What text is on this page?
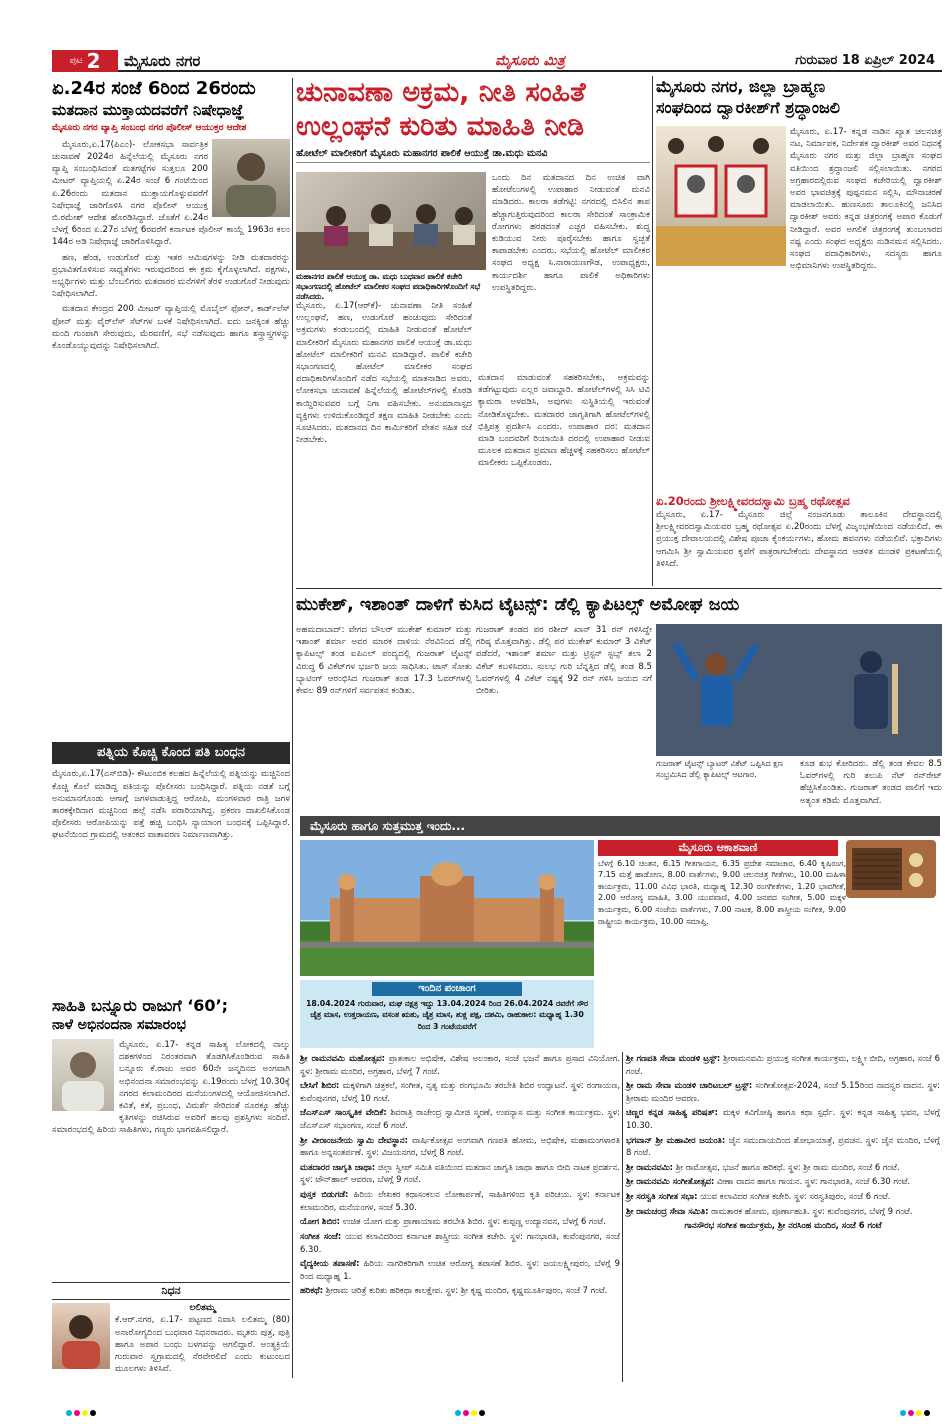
ಪುಟ 2 ಮೈಸೂರು ನಗರ	ಮೈಸೂರು ಮಿತ್ರ	ಗುರುವಾರ 18 ಏಪ್ರಿಲ್ 2024
ಏ.24ರ ಸಂಜೆ 6ರಿಂದ 26ರಂದು
ಮತದಾನ ಮುಕ್ತಾಯದವರೆಗೆ ನಿಷೇಧಾಜ್ಞೆ
ಮೈಸೂರು ನಗರ ವ್ಯಾಪ್ತಿ ಸಂಬಂಧ ನಗರ ಪೊಲೀಸ್ ಆಯುಕ್ತರ ಆದೇಶ

ಮೈಸೂರು,ಏ.17(ಪಿಎಂ)- ಲೋಕಸಭಾ ಸಾರ್ವತ್ರಿಕ ಚುನಾವಣೆ 2024ರ ಹಿನ್ನೆಲೆಯಲ್ಲಿ ಮೈಸೂರು ನಗರ ವ್ಯಾಪ್ತಿ ಸಂಬಂಧಿಸಿದಂತೆ ಮತಗಟ್ಟೆಗಳ ಸುತ್ತಲೂ 200 ಮೀಟರ್ ವ್ಯಾಪ್ತಿಯಲ್ಲಿ ಏ.24ರ ಸಂಜೆ 6 ಗಂಟೆಯಿಂದ ಏ.26ರಂದು ಮತದಾನ ಮುಕ್ತಾಯಗೊಳ್ಳುವವರೆಗೆ ನಿಷೇಧಾಜ್ಞೆ ಜಾರಿಗೊಳಿಸಿ ನಗರ ಪೊಲೀಸ್ ಆಯುಕ್ತ ಬಿ.ರಮೇಶ್ ಆದೇಶ ಹೊರಡಿಸಿದ್ದಾರೆ. ಜೊತೆಗೆ ಏ.24ರ ಬೆಳಗ್ಗೆ 6ರಿಂದ ಏ.27ರ ಬೆಳಗ್ಗೆ 6ರವರೆಗೆ ಕರ್ನಾಟಕ ಪೊಲೀಸ್ ಕಾಯ್ದೆ 1963ರ ಕಲಂ 144ರ ಅಡಿ ನಿಷೇಧಾಜ್ಞೆ ಜಾರಿಗೊಳಿಸಿದ್ದಾರೆ.

ಹಣ, ಹೆಂಡ, ಉಡುಗೊರೆ ಮತ್ತು ಇತರ ಆಮಿಷಗಳನ್ನು ನೀಡಿ ಮತದಾರರನ್ನು ಪ್ರಭಾವಿತಗೊಳಿಸುವ ಸಾಧ್ಯತೆಗಳು ಇರುವುದರಿಂದ ಈ ಕ್ರಮ ಕೈಗೊಳ್ಳಲಾಗಿದೆ. ಪಕ್ಷಗಳು, ಅಭ್ಯರ್ಥಿಗಳು ಮತ್ತು ಬೆಂಬಲಿಗರು ಮತದಾರರ ಮನೆಗಳಿಗೆ ತೆರಳಿ ಉಡುಗೊರೆ ನೀಡುವುದು ನಿಷೇಧಿಸಲಾಗಿದೆ.

ಮತದಾನ ಕೇಂದ್ರದ 200 ಮೀಟರ್ ವ್ಯಾಪ್ತಿಯಲ್ಲಿ ಮೊಬೈಲ್ ಫೋನ್, ಕಾರ್ಡ್‌ಲೆಸ್ ಫೋನ್ ಮತ್ತು ವೈರ್‌ಲೆಸ್ ಸೆಟ್‌ಗಳ ಬಳಕೆ ನಿಷೇಧಿಸಲಾಗಿದೆ. ಐದು ಜನಕ್ಕಿಂತ ಹೆಚ್ಚು ಮಂದಿ ಗುಂಪಾಗಿ ಸೇರುವುದು, ಮೆರವಣಿಗೆ, ಸಭೆ ನಡೆಸುವುದು ಹಾಗೂ ಶಸ್ತ್ರಾಸ್ತ್ರಗಳನ್ನು ಕೊಂಡೊಯ್ಯುವುದನ್ನು ನಿಷೇಧಿಸಲಾಗಿದೆ.

ಪತ್ನಿಯ ಕೊಚ್ಚಿ ಕೊಂದ ಪತಿ ಬಂಧನ
ಮೈಸೂರು,ಏ.17(ಎಸ್‌ಬಿಡಿ)- ಕೌಟುಂಬಿಕ ಕಲಹದ ಹಿನ್ನೆಲೆಯಲ್ಲಿ ಪತ್ನಿಯನ್ನು ಮಚ್ಚಿನಿಂದ ಕೊಚ್ಚಿ ಕೊಲೆ ಮಾಡಿದ್ದ ಪತಿಯನ್ನು ಪೊಲೀಸರು ಬಂಧಿಸಿದ್ದಾರೆ. ಪತ್ನಿಯ ನಡತೆ ಬಗ್ಗೆ ಅನುಮಾನಗೊಂಡು ಆಗಾಗ್ಗೆ ಜಗಳವಾಡುತ್ತಿದ್ದ ಆರೋಪಿ, ಮಂಗಳವಾರ ರಾತ್ರಿ ಜಗಳ ತಾರಕಕ್ಕೇರಿದಾಗ ಮಚ್ಚಿನಿಂದ ಹಲ್ಲೆ ನಡೆಸಿ ಪರಾರಿಯಾಗಿದ್ದ. ಪ್ರಕರಣ ದಾಖಲಿಸಿಕೊಂಡ ಪೊಲೀಸರು ಆರೋಪಿಯನ್ನು ಪತ್ತೆ ಹಚ್ಚಿ ಬಂಧಿಸಿ ನ್ಯಾಯಾಂಗ ಬಂಧನಕ್ಕೆ ಒಪ್ಪಿಸಿದ್ದಾರೆ. ಘಟನೆಯಿಂದ ಗ್ರಾಮದಲ್ಲಿ ಆತಂಕದ ವಾತಾವರಣ ನಿರ್ಮಾಣವಾಗಿತ್ತು.
ಸಾಹಿತಿ ಬನ್ನೂರು ರಾಜುಗೆ ‘60’;
ನಾಳೆ ಅಭಿನಂದನಾ ಸಮಾರಂಭ
ಮೈಸೂರು, ಏ.17- ಕನ್ನಡ ಸಾಹಿತ್ಯ ಲೋಕದಲ್ಲಿ ನಾಲ್ಕು ದಶಕಗಳಿಂದ ನಿರಂತರವಾಗಿ ತೊಡಗಿಸಿಕೊಂಡಿರುವ ಸಾಹಿತಿ ಬನ್ನೂರು ಕೆ.ರಾಜು ಅವರ 60ನೇ ಜನ್ಮದಿನದ ಅಂಗವಾಗಿ ಅಭಿನಂದನಾ ಸಮಾರಂಭವನ್ನು ಏ.19ರಂದು ಬೆಳಗ್ಗೆ 10.30ಕ್ಕೆ ನಗರದ ಕಲಾಮಂದಿರದ ಮನೆಯಂಗಳದಲ್ಲಿ ಆಯೋಜಿಸಲಾಗಿದೆ. ಕವಿತೆ, ಕತೆ, ಪ್ರಬಂಧ, ವಿಮರ್ಶೆ ಸೇರಿದಂತೆ ನೂರಕ್ಕೂ ಹೆಚ್ಚು ಕೃತಿಗಳನ್ನು ರಚಿಸಿರುವ ಅವರಿಗೆ ಹಲವು ಪ್ರಶಸ್ತಿಗಳು ಸಂದಿವೆ. ಸಮಾರಂಭದಲ್ಲಿ ಹಿರಿಯ ಸಾಹಿತಿಗಳು, ಗಣ್ಯರು ಭಾಗವಹಿಸಲಿದ್ದಾರೆ.
ನಿಧನ
ಲಲಿತಮ್ಮ
ಕೆ.ಆರ್.ನಗರ, ಏ.17- ಪಟ್ಟಣದ ನಿವಾಸಿ ಲಲಿತಮ್ಮ (80) ಅನಾರೋಗ್ಯದಿಂದ ಬುಧವಾರ ನಿಧನರಾದರು. ಮೃತರು ಪುತ್ರ, ಪುತ್ರಿ ಹಾಗೂ ಅಪಾರ ಬಂಧು ಬಳಗವನ್ನು ಅಗಲಿದ್ದಾರೆ. ಅಂತ್ಯಕ್ರಿಯೆ ಗುರುವಾರ ಸ್ವಗ್ರಾಮದಲ್ಲಿ ನೆರವೇರಲಿದೆ ಎಂದು ಕುಟುಂಬದ ಮೂಲಗಳು ತಿಳಿಸಿವೆ.
ಚುನಾವಣಾ ಅಕ್ರಮ, ನೀತಿ ಸಂಹಿತೆ
ಉಲ್ಲಂಘನೆ ಕುರಿತು ಮಾಹಿತಿ ನೀಡಿ
ಹೋಟೆಲ್ ಮಾಲೀಕರಿಗೆ ಮೈಸೂರು ಮಹಾನಗರ ಪಾಲಿಕೆ ಆಯುಕ್ತೆ ಡಾ.ಮಧು ಮನವಿ
ಒಂದು ದಿನ ಮತದಾನದ ದಿನ ಉಚಿತ ವಾಗಿ ಹೋಟೆಲುಗಳಲ್ಲಿ ಉಪಾಹಾರ ನೀಡುವಂತೆ ಮನವಿ ಮಾಡಿದರು. ಕಾಲರಾ ತಡೆಗಟ್ಟಿ: ನಗರದಲ್ಲಿ ಬಿಸಿಲಿನ ತಾಪ ಹೆಚ್ಚಾಗುತ್ತಿರುವುದರಿಂದ ಕಾಲರಾ ಸೇರಿದಂತೆ ಸಾಂಕ್ರಾಮಿಕ ರೋಗಗಳು ಹರಡದಂತೆ ಎಚ್ಚರ ವಹಿಸಬೇಕು. ಶುದ್ಧ ಕುಡಿಯುವ ನೀರು ಪೂರೈಸಬೇಕು ಹಾಗೂ ಸ್ವಚ್ಛತೆ ಕಾಪಾಡಬೇಕು ಎಂದರು. ಸಭೆಯಲ್ಲಿ ಹೋಟೆಲ್ ಮಾಲೀಕರ ಸಂಘದ ಅಧ್ಯಕ್ಷ ಸಿ.ನಾರಾಯಣಗೌಡ, ಉಪಾಧ್ಯಕ್ಷರು, ಕಾರ್ಯದರ್ಶಿ ಹಾಗೂ ಪಾಲಿಕೆ ಅಧಿಕಾರಿಗಳು ಉಪಸ್ಥಿತರಿದ್ದರು.
ಮಹಾನಗರ ಪಾಲಿಕೆ ಆಯುಕ್ತ ಡಾ. ಮಧು ಬುಧವಾರ ಪಾಲಿಕೆ ಕಚೇರಿ ಸಭಾಂಗಣದಲ್ಲಿ ಹೋಟೆಲ್ ಮಾಲೀಕರ ಸಂಘದ ಪದಾಧಿಕಾರಿಗಳೊಂದಿಗೆ ಸಭೆ ನಡೆಸಿದರು.
ಮೈಸೂರು, ಏ.17(ಆರ್‌ಕೆ)- ಚುನಾವಣಾ ನೀತಿ ಸಂಹಿತೆ ಉಲ್ಲಂಘನೆ, ಹಣ, ಉಡುಗೊರೆ ಹಂಚುವುದು ಸೇರಿದಂತೆ ಅಕ್ರಮಗಳು ಕಂಡುಬಂದಲ್ಲಿ ಮಾಹಿತಿ ನೀಡುವಂತೆ ಹೋಟೆಲ್ ಮಾಲೀಕರಿಗೆ ಮೈಸೂರು ಮಹಾನಗರ ಪಾಲಿಕೆ ಆಯುಕ್ತೆ ಡಾ.ಮಧು ಹೋಟೆಲ್ ಮಾಲೀಕರಿಗೆ ಮನವಿ ಮಾಡಿದ್ದಾರೆ. ಪಾಲಿಕೆ ಕಚೇರಿ ಸಭಾಂಗಣದಲ್ಲಿ ಹೋಟೆಲ್ ಮಾಲೀಕರ ಸಂಘದ ಪದಾಧಿಕಾರಿಗಳೊಂದಿಗೆ ನಡೆದ ಸಭೆಯಲ್ಲಿ ಮಾತನಾಡಿದ ಅವರು, ಲೋಕಸಭಾ ಚುನಾವಣೆ ಹಿನ್ನೆಲೆಯಲ್ಲಿ ಹೋಟೆಲ್‌ಗಳಲ್ಲಿ ಕೊಠಡಿ ಕಾಯ್ದಿರಿಸುವವರ ಬಗ್ಗೆ ನಿಗಾ ವಹಿಸಬೇಕು. ಅನುಮಾನಾಸ್ಪದ ವ್ಯಕ್ತಿಗಳು ಉಳಿದುಕೊಂಡಿದ್ದರೆ ತಕ್ಷಣ ಮಾಹಿತಿ ನೀಡಬೇಕು ಎಂದು ಸೂಚಿಸಿದರು. ಮತದಾನದ ದಿನ ಕಾರ್ಮಿಕರಿಗೆ ವೇತನ ಸಹಿತ ರಜೆ ನೀಡಬೇಕು.
ಮತದಾನ ಮಾಡುವಂತೆ ಸಹಕರಿಸಬೇಕು, ಅಕ್ರಮವನ್ನು ತಡೆಗಟ್ಟುವುದು ಎಲ್ಲರ ಜವಾಬ್ದಾರಿ. ಹೋಟೆಲ್‌ಗಳಲ್ಲಿ ಸಿಸಿ ಟಿವಿ ಕ್ಯಾಮರಾ ಅಳವಡಿಸಿ, ಅವುಗಳು ಸುಸ್ಥಿತಿಯಲ್ಲಿ ಇರುವಂತೆ ನೋಡಿಕೊಳ್ಳಬೇಕು. ಮತದಾರರ ಜಾಗೃತಿಗಾಗಿ ಹೋಟೆಲ್‌ಗಳಲ್ಲಿ ಭಿತ್ತಿಪತ್ರ ಪ್ರದರ್ಶಿಸಿ ಎಂದರು. ಉಪಾಹಾರ ದರ: ಮತದಾನ ಮಾಡಿ ಬಂದವರಿಗೆ ರಿಯಾಯಿತಿ ದರದಲ್ಲಿ ಉಪಾಹಾರ ನೀಡುವ ಮೂಲಕ ಮತದಾನ ಪ್ರಮಾಣ ಹೆಚ್ಚಳಕ್ಕೆ ಸಹಕರಿಸಲು ಹೋಟೆಲ್ ಮಾಲೀಕರು ಒಪ್ಪಿಕೊಂಡರು.
ಮೈಸೂರು ನಗರ, ಜಿಲ್ಲಾ ಬ್ರಾಹ್ಮಣ
ಸಂಘದಿಂದ ದ್ವಾರಕೀಶ್‌ಗೆ ಶ್ರದ್ಧಾಂಜಲಿ
ಮೈಸೂರು, ಏ.17- ಕನ್ನಡ ನಾಡಿನ ಖ್ಯಾತ ಚಲನಚಿತ್ರ ನಟ, ನಿರ್ಮಾಪಕ, ನಿರ್ದೇಶಕ ದ್ವಾರಕೀಶ್ ಅವರ ನಿಧನಕ್ಕೆ ಮೈಸೂರು ನಗರ ಮತ್ತು ಜಿಲ್ಲಾ ಬ್ರಾಹ್ಮಣ ಸಂಘದ ವತಿಯಿಂದ ಶ್ರದ್ಧಾಂಜಲಿ ಸಲ್ಲಿಸಲಾಯಿತು. ನಗರದ ಅಗ್ರಹಾರದಲ್ಲಿರುವ ಸಂಘದ ಕಚೇರಿಯಲ್ಲಿ ದ್ವಾರಕೀಶ್ ಅವರ ಭಾವಚಿತ್ರಕ್ಕೆ ಪುಷ್ಪನಮನ ಸಲ್ಲಿಸಿ, ಮೌನಾಚರಣೆ ಮಾಡಲಾಯಿತು. ಹುಣಸೂರು ತಾಲೂಕಿನಲ್ಲಿ ಜನಿಸಿದ ದ್ವಾರಕೀಶ್ ಅವರು ಕನ್ನಡ ಚಿತ್ರರಂಗಕ್ಕೆ ಅಪಾರ ಕೊಡುಗೆ ನೀಡಿದ್ದಾರೆ. ಅವರ ಅಗಲಿಕೆ ಚಿತ್ರರಂಗಕ್ಕೆ ತುಂಬಲಾರದ ನಷ್ಟ ಎಂದು ಸಂಘದ ಅಧ್ಯಕ್ಷರು ನುಡಿನಮನ ಸಲ್ಲಿಸಿದರು. ಸಂಘದ ಪದಾಧಿಕಾರಿಗಳು, ಸದಸ್ಯರು ಹಾಗೂ ಅಭಿಮಾನಿಗಳು ಉಪಸ್ಥಿತರಿದ್ದರು.
ಏ.20ರಂದು ಶ್ರೀಲಕ್ಷ್ಮೀವರದಸ್ವಾಮಿ ಬ್ರಹ್ಮ ರಥೋತ್ಸವ
ಮೈಸೂರು, ಏ.17- ಮೈಸೂರು ಜಿಲ್ಲೆ ನಂಜನಗೂಡು ತಾಲೂಕಿನ ದೇವಸ್ಥಾನದಲ್ಲಿ ಶ್ರೀಲಕ್ಷ್ಮೀವರದಸ್ವಾಮಿಯವರ ಬ್ರಹ್ಮ ರಥೋತ್ಸವ ಏ.20ರಂದು ಬೆಳಗ್ಗೆ ವಿಜೃಂಭಣೆಯಿಂದ ನಡೆಯಲಿದೆ. ಈ ಪ್ರಯುಕ್ತ ದೇವಾಲಯದಲ್ಲಿ ವಿಶೇಷ ಪೂಜಾ ಕೈಂಕರ್ಯಗಳು, ಹೋಮ ಹವನಗಳು ನಡೆಯಲಿವೆ. ಭಕ್ತಾದಿಗಳು ಆಗಮಿಸಿ ಶ್ರೀ ಸ್ವಾಮಿಯವರ ಕೃಪೆಗೆ ಪಾತ್ರರಾಗಬೇಕೆಂದು ದೇವಸ್ಥಾನದ ಆಡಳಿತ ಮಂಡಳಿ ಪ್ರಕಟಣೆಯಲ್ಲಿ ತಿಳಿಸಿದೆ.
ಮುಕೇಶ್, ಇಶಾಂತ್ ದಾಳಿಗೆ ಕುಸಿದ ಟೈಟನ್ಸ್: ಡೆಲ್ಲಿ ಕ್ಯಾಪಿಟಲ್ಸ್ ಅಮೋಘ ಜಯ
ಅಹಮದಾಬಾದ್: ವೇಗದ ಬೌಲರ್ ಮುಕೇಶ್ ಕುಮಾರ್ ಮತ್ತು ಇಶಾಂತ್ ಶರ್ಮಾ ಅವರ ಮಾರಕ ದಾಳಿಯ ನೆರವಿನಿಂದ ಡೆಲ್ಲಿ ಕ್ಯಾಪಿಟಲ್ಸ್ ತಂಡ ಐಪಿಎಲ್ ಪಂದ್ಯದಲ್ಲಿ ಗುಜರಾತ್ ಟೈಟನ್ಸ್ ವಿರುದ್ಧ 6 ವಿಕೆಟ್‌ಗಳ ಭರ್ಜರಿ ಜಯ ಸಾಧಿಸಿತು. ಟಾಸ್ ಸೋತು ಬ್ಯಾಟಿಂಗ್ ಆರಂಭಿಸಿದ ಗುಜರಾತ್ ತಂಡ 17.3 ಓವರ್‌ಗಳಲ್ಲಿ ಕೇವಲ 89 ರನ್‌ಗಳಿಗೆ ಸರ್ವಪತನ ಕಂಡಿತು.
ಗುಜರಾತ್ ತಂಡದ ಪರ ರಶೀದ್ ಖಾನ್ 31 ರನ್ ಗಳಿಸಿದ್ದೇ ಗರಿಷ್ಠ ಮೊತ್ತವಾಗಿತ್ತು. ಡೆಲ್ಲಿ ಪರ ಮುಕೇಶ್ ಕುಮಾರ್ 3 ವಿಕೆಟ್ ಪಡೆದರೆ, ಇಶಾಂತ್ ಶರ್ಮಾ ಮತ್ತು ಟ್ರಿಸ್ಟನ್ ಸ್ಟಬ್ಸ್ ತಲಾ 2 ವಿಕೆಟ್ ಕಬಳಿಸಿದರು. ಸುಲಭ ಗುರಿ ಬೆನ್ನತ್ತಿದ ಡೆಲ್ಲಿ ತಂಡ 8.5 ಓವರ್‌ಗಳಲ್ಲಿ 4 ವಿಕೆಟ್ ನಷ್ಟಕ್ಕೆ 92 ರನ್ ಗಳಿಸಿ ಜಯದ ನಗೆ ಬೀರಿತು.
ಗುಜರಾತ್ ಟೈಟನ್ಸ್ ಬ್ಯಾಟರ್ ವಿಕೆಟ್ ಒಪ್ಪಿಸಿದ ಕ್ಷಣ ಸಂಭ್ರಮಿಸಿದ ಡೆಲ್ಲಿ ಕ್ಯಾಪಿಟಲ್ಸ್ ಆಟಗಾರ.
ಕೂಡ ಶುಭ ಕೋರಿದರು. ಡೆಲ್ಲಿ ತಂಡ ಕೇವಲ 8.5 ಓವರ್‌ಗಳಲ್ಲಿ ಗುರಿ ತಲುಪಿ ನೆಟ್ ರನ್‌ರೇಟ್ ಹೆಚ್ಚಿಸಿಕೊಂಡಿತು. ಗುಜರಾತ್ ತಂಡದ ಪಾಲಿಗೆ ಇದು ಅತ್ಯಂತ ಕಡಿಮೆ ಮೊತ್ತವಾಗಿದೆ.
ಮೈಸೂರು ಹಾಗೂ ಸುತ್ತಮುತ್ತ ಇಂದು...
ಮೈಸೂರು ಆಕಾಶವಾಣಿ
ಬೆಳಗ್ಗೆ 6.10 ಚಿಂತನ, 6.15 ಗೀತಗಾಯನ, 6.35 ಪ್ರದೇಶ ಸಮಾಚಾರ, 6.40 ಕೃಷಿರಂಗ, 7.15 ಮತ್ತೆ ಹಾಡೋಣ, 8.00 ವಾರ್ತೆಗಳು, 9.00 ಚಲನಚಿತ್ರ ಗೀತೆಗಳು, 10.00 ಮಹಿಳಾ ಕಾರ್ಯಕ್ರಮ, 11.00 ವಿವಿಧ ಭಾರತಿ, ಮಧ್ಯಾಹ್ನ 12.30 ರಂಗಗೀತೆಗಳು, 1.20 ಭಾವಗೀತೆ, 2.00 ಆರೋಗ್ಯ ಮಾಹಿತಿ, 3.00 ಯುವವಾಣಿ, 4.00 ಜನಪದ ಸಂಗೀತ, 5.00 ಮಕ್ಕಳ ಕಾರ್ಯಕ್ರಮ, 6.00 ಸಂಜೆಯ ವಾರ್ತೆಗಳು, 7.00 ನಾಟಕ, 8.00 ಶಾಸ್ತ್ರೀಯ ಸಂಗೀತ, 9.00 ರಾಷ್ಟ್ರೀಯ ಕಾರ್ಯಕ್ರಮ, 10.00 ಸಮಾಪ್ತಿ.
ಇಂದಿನ ಪಂಚಾಂಗ
18.04.2024 ಗುರುವಾರ, ಮಘ ನಕ್ಷತ್ರ ಇದ್ದು 13.04.2024 ರಿಂದ 26.04.2024 ರವರೆಗೆ ಸೌರ ಚೈತ್ರ ಮಾಸ, ಉತ್ತರಾಯಣ, ವಸಂತ ಋತು, ಚೈತ್ರ ಮಾಸ, ಶುಕ್ಲ ಪಕ್ಷ, ದಶಮಿ, ರಾಹುಕಾಲ: ಮಧ್ಯಾಹ್ನ 1.30 ರಿಂದ 3 ಗಂಟೆಯವರೆಗೆ
ಶ್ರೀ ರಾಮನವಮಿ ಮಹೋತ್ಸವ: ಪ್ರಾತಃಕಾಲ ಅಭಿಷೇಕ, ವಿಶೇಷ ಅಲಂಕಾರ, ಸಂಜೆ ಭಜನೆ ಹಾಗೂ ಪ್ರಸಾದ ವಿನಿಯೋಗ. ಸ್ಥಳ: ಶ್ರೀರಾಮ ಮಂದಿರ, ಅಗ್ರಹಾರ, ಬೆಳಗ್ಗೆ 7 ಗಂಟೆ.
ಬೇಸಿಗೆ ಶಿಬಿರ: ಮಕ್ಕಳಿಗಾಗಿ ಚಿತ್ರಕಲೆ, ಸಂಗೀತ, ನೃತ್ಯ ಮತ್ತು ರಂಗಭೂಮಿ ತರಬೇತಿ ಶಿಬಿರ ಉದ್ಘಾಟನೆ. ಸ್ಥಳ: ರಂಗಾಯಣ, ಕುವೆಂಪುನಗರ, ಬೆಳಗ್ಗೆ 10 ಗಂಟೆ.
ಜೆಎಸ್‌ಎಸ್ ಸಾಂಸ್ಕೃತಿಕ ವೇದಿಕೆ: ಶಿವರಾತ್ರಿ ರಾಜೇಂದ್ರ ಸ್ವಾಮೀಜಿ ಸ್ಮರಣೆ, ಉಪನ್ಯಾಸ ಮತ್ತು ಸಂಗೀತ ಕಾರ್ಯಕ್ರಮ. ಸ್ಥಳ: ಜೆಎಸ್‌ಎಸ್ ಸಭಾಂಗಣ, ಸಂಜೆ 6 ಗಂಟೆ.
ಶ್ರೀ ವೀರಾಂಜನೇಯ ಸ್ವಾಮಿ ದೇವಸ್ಥಾನ: ವಾರ್ಷಿಕೋತ್ಸವ ಅಂಗವಾಗಿ ಗಣಪತಿ ಹೋಮ, ಅಭಿಷೇಕ, ಮಹಾಮಂಗಳಾರತಿ ಹಾಗೂ ಅನ್ನಸಂತರ್ಪಣೆ. ಸ್ಥಳ: ವಿಜಯನಗರ, ಬೆಳಗ್ಗೆ 8 ಗಂಟೆ.
ಮತದಾರರ ಜಾಗೃತಿ ಜಾಥಾ: ಜಿಲ್ಲಾ ಸ್ವೀಪ್ ಸಮಿತಿ ವತಿಯಿಂದ ಮತದಾನ ಜಾಗೃತಿ ಜಾಥಾ ಹಾಗೂ ಬೀದಿ ನಾಟಕ ಪ್ರದರ್ಶನ. ಸ್ಥಳ: ಟೌನ್‌ಹಾಲ್ ಆವರಣ, ಬೆಳಗ್ಗೆ 9 ಗಂಟೆ.
ಪುಸ್ತಕ ಬಿಡುಗಡೆ: ಹಿರಿಯ ಲೇಖಕರ ಕಥಾಸಂಕಲನ ಲೋಕಾರ್ಪಣೆ, ಸಾಹಿತಿಗಳಿಂದ ಕೃತಿ ಪರಿಚಯ. ಸ್ಥಳ: ಕರ್ನಾಟಕ ಕಲಾಮಂದಿರ, ಮನೆಯಂಗಳ, ಸಂಜೆ 5.30.
ಯೋಗ ಶಿಬಿರ: ಉಚಿತ ಯೋಗ ಮತ್ತು ಪ್ರಾಣಾಯಾಮ ತರಬೇತಿ ಶಿಬಿರ. ಸ್ಥಳ: ಕುಪ್ಪಣ್ಣ ಉದ್ಯಾನವನ, ಬೆಳಗ್ಗೆ 6 ಗಂಟೆ.
ಸಂಗೀತ ಸಂಜೆ: ಯುವ ಕಲಾವಿದರಿಂದ ಕರ್ನಾಟಕ ಶಾಸ್ತ್ರೀಯ ಸಂಗೀತ ಕಚೇರಿ. ಸ್ಥಳ: ಗಾನಭಾರತಿ, ಕುವೆಂಪುನಗರ, ಸಂಜೆ 6.30.
ವೈದ್ಯಕೀಯ ತಪಾಸಣೆ: ಹಿರಿಯ ನಾಗರಿಕರಿಗಾಗಿ ಉಚಿತ ಆರೋಗ್ಯ ತಪಾಸಣೆ ಶಿಬಿರ. ಸ್ಥಳ: ಜಯಲಕ್ಷ್ಮೀಪುರಂ, ಬೆಳಗ್ಗೆ 9 ರಿಂದ ಮಧ್ಯಾಹ್ನ 1.
ಹರಿಕಥೆ: ಶ್ರೀರಾಮ ಚರಿತ್ರೆ ಕುರಿತು ಹರಿಕಥಾ ಕಾಲಕ್ಷೇಪ. ಸ್ಥಳ: ಶ್ರೀ ಕೃಷ್ಣ ಮಂದಿರ, ಕೃಷ್ಣಮೂರ್ತಿಪುರಂ, ಸಂಜೆ 7 ಗಂಟೆ.
ಶ್ರೀ ಗಣಪತಿ ಸೇವಾ ಮಂಡಳಿ ಟ್ರಸ್ಟ್: ಶ್ರೀರಾಮನವಮಿ ಪ್ರಯುಕ್ತ ಸಂಗೀತ ಕಾರ್ಯಕ್ರಮ, ಲಕ್ಷ್ಮೀ ಬೀದಿ, ಅಗ್ರಹಾರ, ಸಂಜೆ 6 ಗಂಟೆ.
ಶ್ರೀ ರಾಮ ಸೇವಾ ಮಂಡಳಿ ಚಾರಿಟಬಲ್ ಟ್ರಸ್ಟ್: ಸಂಗೀತೋತ್ಸವ-2024, ಸಂಜೆ 5.15ರಿಂದ ನಾದಸ್ವರ ವಾದನ. ಸ್ಥಳ: ಶ್ರೀರಾಮ ಮಂದಿರ ಆವರಣ.
ಚಿಣ್ಣರ ಕನ್ನಡ ಸಾಹಿತ್ಯ ಪರಿಷತ್: ಮಕ್ಕಳ ಕವಿಗೋಷ್ಠಿ ಹಾಗೂ ಕಥಾ ಸ್ಪರ್ಧೆ. ಸ್ಥಳ: ಕನ್ನಡ ಸಾಹಿತ್ಯ ಭವನ, ಬೆಳಗ್ಗೆ 10.30.
ಭಗವಾನ್ ಶ್ರೀ ಮಹಾವೀರ ಜಯಂತಿ: ಜೈನ ಸಮುದಾಯದಿಂದ ಶೋಭಾಯಾತ್ರೆ, ಪ್ರವಚನ. ಸ್ಥಳ: ಜೈನ ಮಂದಿರ, ಬೆಳಗ್ಗೆ 8 ಗಂಟೆ.
ಶ್ರೀ ರಾಮನವಮಿ: ಶ್ರೀ ರಾಮೋತ್ಸವ, ಭಜನೆ ಹಾಗೂ ಹರಿಕಥೆ. ಸ್ಥಳ: ಶ್ರೀ ರಾಮ ಮಂದಿರ, ಸಂಜೆ 6 ಗಂಟೆ.
ಶ್ರೀ ರಾಮನವಮಿ ಸಂಗೀತೋತ್ಸವ: ವೀಣಾ ವಾದನ ಹಾಗೂ ಗಾಯನ. ಸ್ಥಳ: ಗಾನಭಾರತಿ, ಸಂಜೆ 6.30 ಗಂಟೆ.
ಶ್ರೀ ಸರಸ್ವತಿ ಸಂಗೀತ ಸಭಾ: ಯುವ ಕಲಾವಿದರ ಸಂಗೀತ ಕಚೇರಿ. ಸ್ಥಳ: ಸರಸ್ವತಿಪುರಂ, ಸಂಜೆ 6 ಗಂಟೆ.
ಶ್ರೀ ರಾಮಚಂದ್ರ ಸೇವಾ ಸಮಿತಿ: ರಾಮತಾರಕ ಹೋಮ, ಪೂರ್ಣಾಹುತಿ. ಸ್ಥಳ: ಕುವೆಂಪುನಗರ, ಬೆಳಗ್ಗೆ 9 ಗಂಟೆ.
ಗಾನಸೌರಭ ಸಂಗೀತ ಕಾರ್ಯಕ್ರಮ, ಶ್ರೀ ನರಸಿಂಹ ಮಂದಿರ, ಸಂಜೆ 6 ಗಂಟೆ
